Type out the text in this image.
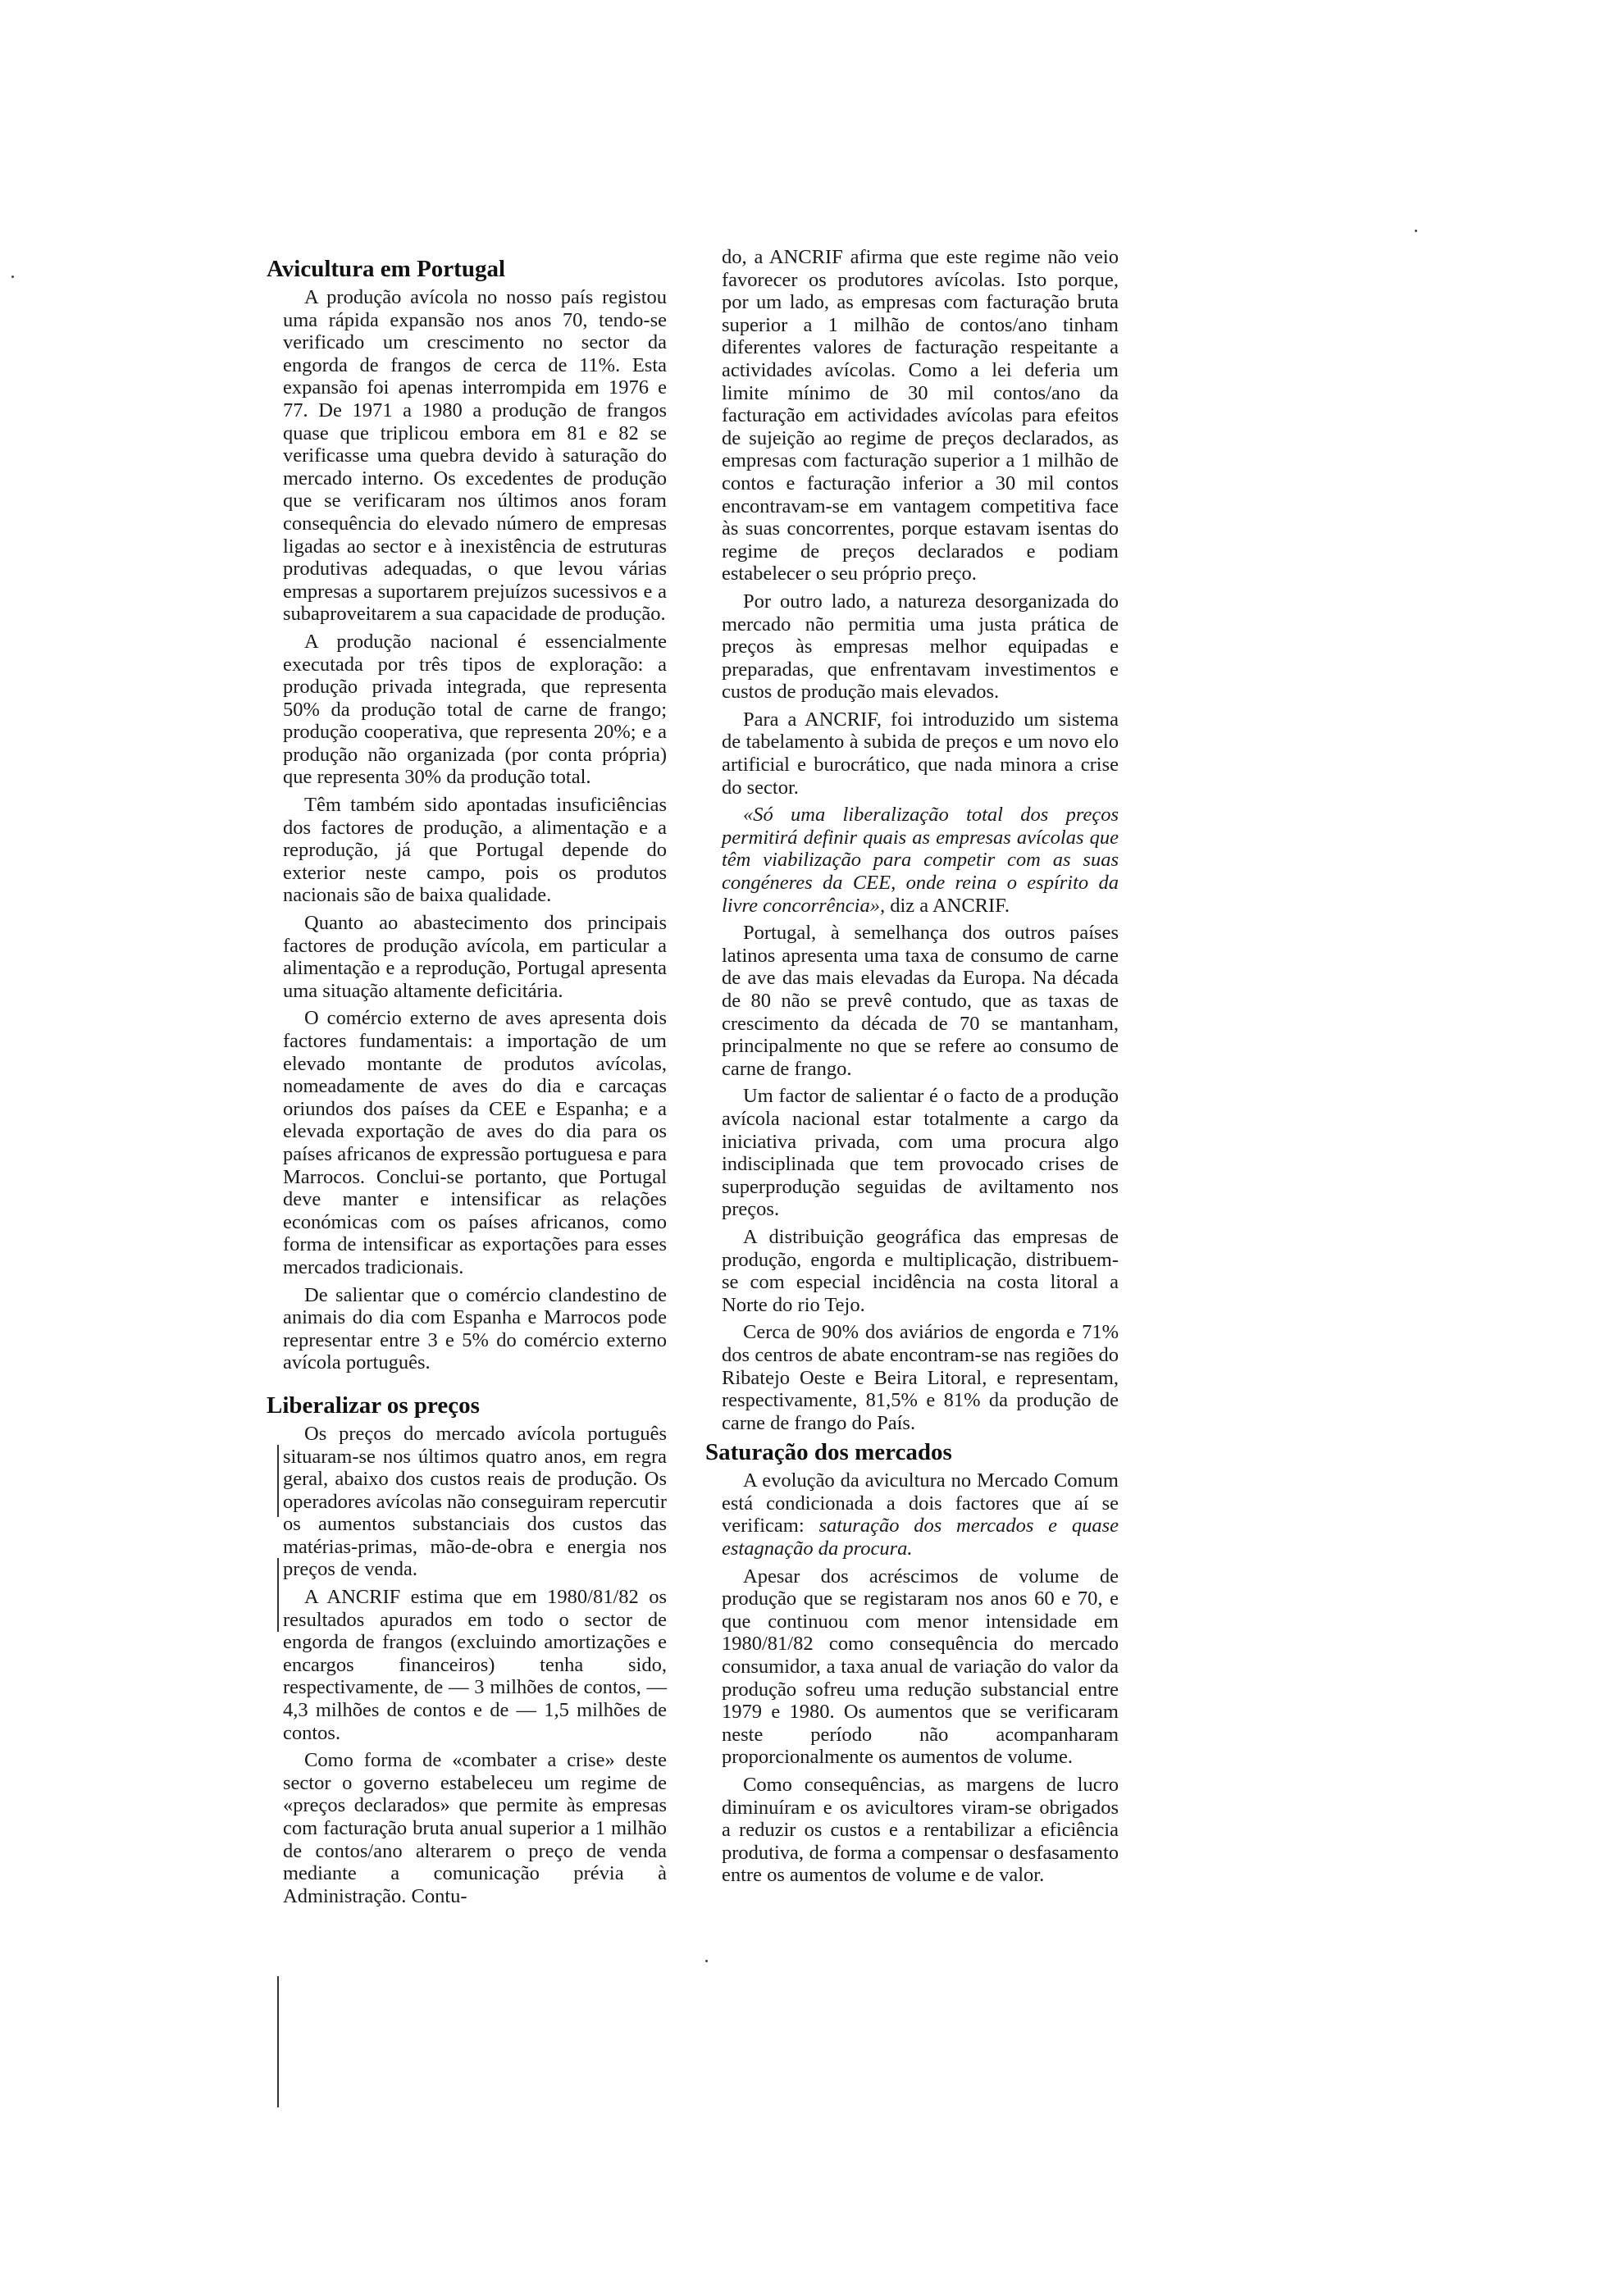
Avicultura em Portugal

A produção avícola no nosso país registou uma rápida expansão nos anos 70, tendo-se verificado um crescimento no sector da engorda de frangos de cerca de 11%. Esta expansão foi apenas interrompida em 1976 e 77. De 1971 a 1980 a produção de frangos quase que triplicou embora em 81 e 82 se verificasse uma quebra devido à saturação do mercado interno. Os excedentes de produção que se verificaram nos últimos anos foram consequência do elevado número de empresas ligadas ao sector e à inexistência de estruturas produtivas adequadas, o que levou várias empresas a suportarem prejuízos sucessivos e a subaproveitarem a sua capacidade de produção.

A produção nacional é essencialmente executada por três tipos de exploração: a produção privada integrada, que representa 50% da produção total de carne de frango; produção cooperativa, que representa 20%; e a produção não organizada (por conta própria) que representa 30% da produção total.

Têm também sido apontadas insuficiências dos factores de produção, a alimentação e a reprodução, já que Portugal depende do exterior neste campo, pois os produtos nacionais são de baixa qualidade.

Quanto ao abastecimento dos principais factores de produção avícola, em particular a alimentação e a reprodução, Portugal apresenta uma situação altamente deficitária.

O comércio externo de aves apresenta dois factores fundamentais: a importação de um elevado montante de produtos avícolas, nomeadamente de aves do dia e carcaças oriundos dos países da CEE e Espanha; e a elevada exportação de aves do dia para os países africanos de expressão portuguesa e para Marrocos. Conclui-se portanto, que Portugal deve manter e intensificar as relações económicas com os países africanos, como forma de intensificar as exportações para esses mercados tradicionais.

De salientar que o comércio clandestino de animais do dia com Espanha e Marrocos pode representar entre 3 e 5% do comércio externo avícola português.

Liberalizar os preços

Os preços do mercado avícola português situaram-se nos últimos quatro anos, em regra geral, abaixo dos custos reais de produção. Os operadores avícolas não conseguiram repercutir os aumentos substanciais dos custos das matérias-primas, mão-de-obra e energia nos preços de venda.

A ANCRIF estima que em 1980/81/82 os resultados apurados em todo o sector de engorda de frangos (excluindo amortizações e encargos financeiros) tenha sido, respectivamente, de — 3 milhões de contos, — 4,3 milhões de contos e de — 1,5 milhões de contos.

Como forma de «combater a crise» deste sector o governo estabeleceu um regime de «preços declarados» que permite às empresas com facturação bruta anual superior a 1 milhão de contos/ano alterarem o preço de venda mediante a comunicação prévia à Administração. Contu-

do, a ANCRIF afirma que este regime não veio favorecer os produtores avícolas. Isto porque, por um lado, as empresas com facturação bruta superior a 1 milhão de contos/ano tinham diferentes valores de facturação respeitante a actividades avícolas. Como a lei deferia um limite mínimo de 30 mil contos/ano da facturação em actividades avícolas para efeitos de sujeição ao regime de preços declarados, as empresas com facturação superior a 1 milhão de contos e facturação inferior a 30 mil contos encontravam-se em vantagem competitiva face às suas concorrentes, porque estavam isentas do regime de preços declarados e podiam estabelecer o seu próprio preço.

Por outro lado, a natureza desorganizada do mercado não permitia uma justa prática de preços às empresas melhor equipadas e preparadas, que enfrentavam investimentos e custos de produção mais elevados.

Para a ANCRIF, foi introduzido um sistema de tabelamento à subida de preços e um novo elo artificial e burocrático, que nada minora a crise do sector.

«Só uma liberalização total dos preços permitirá definir quais as empresas avícolas que têm viabilização para competir com as suas congéneres da CEE, onde reina o espírito da livre concorrência», diz a ANCRIF.

Portugal, à semelhança dos outros países latinos apresenta uma taxa de consumo de carne de ave das mais elevadas da Europa. Na década de 80 não se prevê contudo, que as taxas de crescimento da década de 70 se mantanham, principalmente no que se refere ao consumo de carne de frango.

Um factor de salientar é o facto de a produção avícola nacional estar totalmente a cargo da iniciativa privada, com uma procura algo indisciplinada que tem provocado crises de superprodução seguidas de aviltamento nos preços.

A distribuição geográfica das empresas de produção, engorda e multiplicação, distribuem-se com especial incidência na costa litoral a Norte do rio Tejo.

Cerca de 90% dos aviários de engorda e 71% dos centros de abate encontram-se nas regiões do Ribatejo Oeste e Beira Litoral, e representam, respectivamente, 81,5% e 81% da produção de carne de frango do País.

Saturação dos mercados

A evolução da avicultura no Mercado Comum está condicionada a dois factores que aí se verificam: saturação dos mercados e quase estagnação da procura.

Apesar dos acréscimos de volume de produção que se registaram nos anos 60 e 70, e que continuou com menor intensidade em 1980/81/82 como consequência do mercado consumidor, a taxa anual de variação do valor da produção sofreu uma redução substancial entre 1979 e 1980. Os aumentos que se verificaram neste período não acompanharam proporcionalmente os aumentos de volume.

Como consequências, as margens de lucro diminuíram e os avicultores viram-se obrigados a reduzir os custos e a rentabilizar a eficiência produtiva, de forma a compensar o desfasamento entre os aumentos de volume e de valor.
